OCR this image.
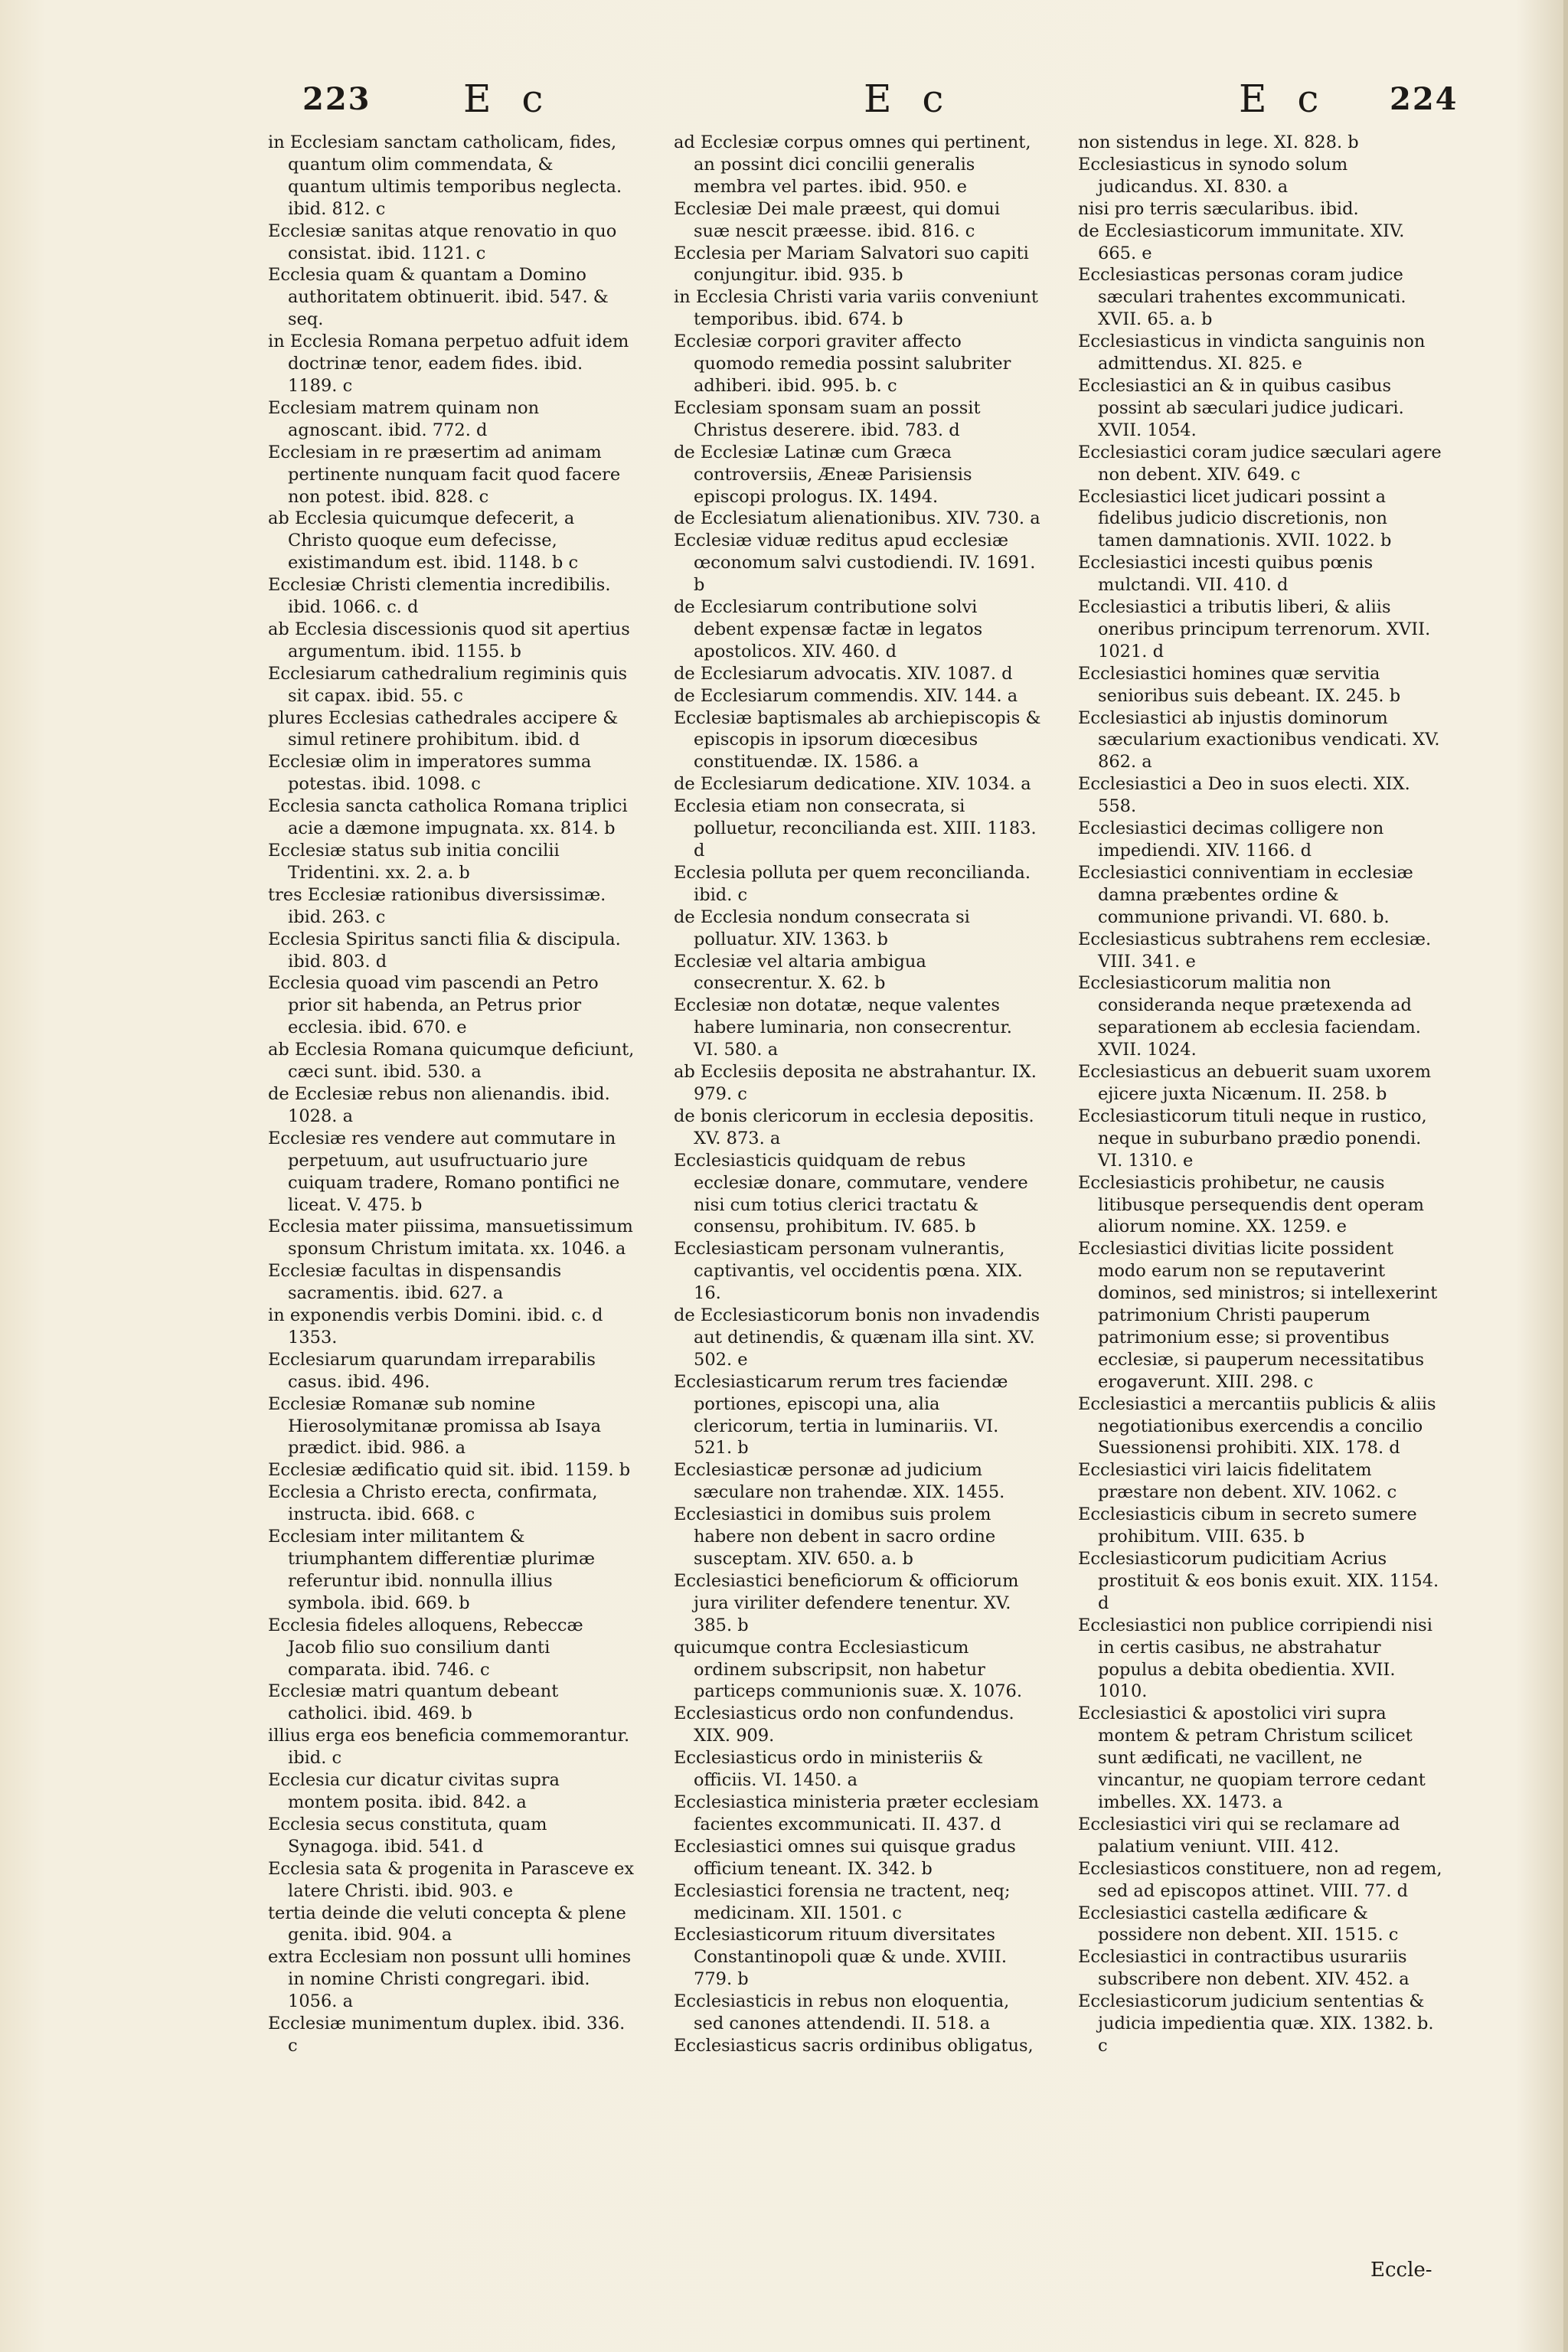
223 E c	E c	E c 224

in Ecclesiam sanctam catholicam, fides, quantum olim commendata, & quantum ultimis temporibus neglecta. ibid. 812. c

Ecclesiæ sanitas atque renovatio in quo consistat. ibid. 1121. c

Ecclesia quam & quantam a Domino authoritatem obtinuerit. ibid. 547. & seq.

in Ecclesia Romana perpetuo adfuit idem doctrinæ tenor, eadem fides. ibid. 1189. c

Ecclesiam matrem quinam non agnoscant. ibid. 772. d

Ecclesiam in re præsertim ad animam pertinente nunquam facit quod facere non potest. ibid. 828. c

ab Ecclesia quicumque defecerit, a Christo quoque eum defecisse, existimandum est. ibid. 1148. b c

Ecclesiæ Christi clementia incredibilis. ibid. 1066. c. d

ab Ecclesia discessionis quod sit apertius argumentum. ibid. 1155. b

Ecclesiarum cathedralium regiminis quis sit capax. ibid. 55. c

plures Ecclesias cathedrales accipere & simul retinere prohibitum. ibid. d

Ecclesiæ olim in imperatores summa potestas. ibid. 1098. c

Ecclesia sancta catholica Romana triplici acie a dæmone impugnata. xx. 814. b

Ecclesiæ status sub initia concilii Tridentini. xx. 2. a. b

tres Ecclesiæ rationibus diversissimæ. ibid. 263. c

Ecclesia Spiritus sancti filia & discipula. ibid. 803. d

Ecclesia quoad vim pascendi an Petro prior sit habenda, an Petrus prior ecclesia. ibid. 670. e

ab Ecclesia Romana quicumque deficiunt, cæci sunt. ibid. 530. a

de Ecclesiæ rebus non alienandis. ibid. 1028. a

Ecclesiæ res vendere aut commutare in perpetuum, aut usufructuario jure cuiquam tradere, Romano pontifici ne liceat. V. 475. b

Ecclesia mater piissima, mansuetissimum sponsum Christum imitata. xx. 1046. a

Ecclesiæ facultas in dispensandis sacramentis. ibid. 627. a

in exponendis verbis Domini. ibid. c. d 1353.

Ecclesiarum quarundam irreparabilis casus. ibid. 496.

Ecclesiæ Romanæ sub nomine Hierosolymitanæ promissa ab Isaya prædict. ibid. 986. a

Ecclesiæ ædificatio quid sit. ibid. 1159. b

Ecclesia a Christo erecta, confirmata, instructa. ibid. 668. c

Ecclesiam inter militantem & triumphantem differentiæ plurimæ referuntur ibid. nonnulla illius symbola. ibid. 669. b

Ecclesia fideles alloquens, Rebeccæ Jacob filio suo consilium danti comparata. ibid. 746. c

Ecclesiæ matri quantum debeant catholici. ibid. 469. b

illius erga eos beneficia commemorantur. ibid. c

Ecclesia cur dicatur civitas supra montem posita. ibid. 842. a

Ecclesia secus constituta, quam Synagoga. ibid. 541. d

Ecclesia sata & progenita in Parasceve ex latere Christi. ibid. 903. e

tertia deinde die veluti concepta & plene genita. ibid. 904. a

extra Ecclesiam non possunt ulli homines in nomine Christi congregari. ibid. 1056. a

Ecclesiæ munimentum duplex. ibid. 336. c

ad Ecclesiæ corpus omnes qui pertinent, an possint dici concilii generalis membra vel partes. ibid. 950. e

Ecclesiæ Dei male præest, qui domui suæ nescit præesse. ibid. 816. c

Ecclesia per Mariam Salvatori suo capiti conjungitur. ibid. 935. b

in Ecclesia Christi varia variis conveniunt temporibus. ibid. 674. b

Ecclesiæ corpori graviter affecto quomodo remedia possint salubriter adhiberi. ibid. 995. b. c

Ecclesiam sponsam suam an possit Christus deserere. ibid. 783. d

de Ecclesiæ Latinæ cum Græca controversiis, Æneæ Parisiensis episcopi prologus. IX. 1494.

de Ecclesiatum alienationibus. XIV. 730. a

Ecclesiæ viduæ reditus apud ecclesiæ œconomum salvi custodiendi. IV. 1691. b

de Ecclesiarum contributione solvi debent expensæ factæ in legatos apostolicos. XIV. 460. d

de Ecclesiarum advocatis. XIV. 1087. d

de Ecclesiarum commendis. XIV. 144. a

Ecclesiæ baptismales ab archiepiscopis & episcopis in ipsorum diœcesibus constituendæ. IX. 1586. a

de Ecclesiarum dedicatione. XIV. 1034. a

Ecclesia etiam non consecrata, si polluetur, reconcilianda est. XIII. 1183. d

Ecclesia polluta per quem reconcilianda. ibid. c

de Ecclesia nondum consecrata si polluatur. XIV. 1363. b

Ecclesiæ vel altaria ambigua consecrentur. X. 62. b

Ecclesiæ non dotatæ, neque valentes habere luminaria, non consecrentur. VI. 580. a

ab Ecclesiis deposita ne abstrahantur. IX. 979. c

de bonis clericorum in ecclesia depositis. XV. 873. a

Ecclesiasticis quidquam de rebus ecclesiæ donare, commutare, vendere nisi cum totius clerici tractatu & consensu, prohibitum. IV. 685. b

Ecclesiasticam personam vulnerantis, captivantis, vel occidentis pœna. XIX. 16.

de Ecclesiasticorum bonis non invadendis aut detinendis, & quænam illa sint. XV. 502. e

Ecclesiasticarum rerum tres faciendæ portiones, episcopi una, alia clericorum, tertia in luminariis. VI. 521. b

Ecclesiasticæ personæ ad judicium sæculare non trahendæ. XIX. 1455.

Ecclesiastici in domibus suis prolem habere non debent in sacro ordine susceptam. XIV. 650. a. b

Ecclesiastici beneficiorum & officiorum jura viriliter defendere tenentur. XV. 385. b

quicumque contra Ecclesiasticum ordinem subscripsit, non habetur particeps communionis suæ. X. 1076.

Ecclesiasticus ordo non confundendus. XIX. 909.

Ecclesiasticus ordo in ministeriis & officiis. VI. 1450. a

Ecclesiastica ministeria præter ecclesiam facientes excommunicati. II. 437. d

Ecclesiastici omnes sui quisque gradus officium teneant. IX. 342. b

Ecclesiastici forensia ne tractent, neq; medicinam. XII. 1501. c

Ecclesiasticorum rituum diversitates Constantinopoli quæ & unde. XVIII. 779. b

Ecclesiasticis in rebus non eloquentia, sed canones attendendi. II. 518. a

Ecclesiasticus sacris ordinibus obligatus,

non sistendus in lege. XI. 828. b

Ecclesiasticus in synodo solum judicandus. XI. 830. a

nisi pro terris sæcularibus. ibid.

de Ecclesiasticorum immunitate. XIV. 665. e

Ecclesiasticas personas coram judice sæculari trahentes excommunicati. XVII. 65. a. b

Ecclesiasticus in vindicta sanguinis non admittendus. XI. 825. e

Ecclesiastici an & in quibus casibus possint ab sæculari judice judicari. XVII. 1054.

Ecclesiastici coram judice sæculari agere non debent. XIV. 649. c

Ecclesiastici licet judicari possint a fidelibus judicio discretionis, non tamen damnationis. XVII. 1022. b

Ecclesiastici incesti quibus pœnis mulctandi. VII. 410. d

Ecclesiastici a tributis liberi, & aliis oneribus principum terrenorum. XVII. 1021. d

Ecclesiastici homines quæ servitia senioribus suis debeant. IX. 245. b

Ecclesiastici ab injustis dominorum sæcularium exactionibus vendicati. XV. 862. a

Ecclesiastici a Deo in suos electi. XIX. 558.

Ecclesiastici decimas colligere non impediendi. XIV. 1166. d

Ecclesiastici conniventiam in ecclesiæ damna præbentes ordine & communione privandi. VI. 680. b.

Ecclesiasticus subtrahens rem ecclesiæ. VIII. 341. e

Ecclesiasticorum malitia non consideranda neque prætexenda ad separationem ab ecclesia faciendam. XVII. 1024.

Ecclesiasticus an debuerit suam uxorem ejicere juxta Nicænum. II. 258. b

Ecclesiasticorum tituli neque in rustico, neque in suburbano prædio ponendi. VI. 1310. e

Ecclesiasticis prohibetur, ne causis litibusque persequendis dent operam aliorum nomine. XX. 1259. e

Ecclesiastici divitias licite possident modo earum non se reputaverint dominos, sed ministros; si intellexerint patrimonium Christi pauperum patrimonium esse; si proventibus ecclesiæ, si pauperum necessitatibus erogaverunt. XIII. 298. c

Ecclesiastici a mercantiis publicis & aliis negotiationibus exercendis a concilio Suessionensi prohibiti. XIX. 178. d

Ecclesiastici viri laicis fidelitatem præstare non debent. XIV. 1062. c

Ecclesiasticis cibum in secreto sumere prohibitum. VIII. 635. b

Ecclesiasticorum pudicitiam Acrius prostituit & eos bonis exuit. XIX. 1154. d

Ecclesiastici non publice corripiendi nisi in certis casibus, ne abstrahatur populus a debita obedientia. XVII. 1010.

Ecclesiastici & apostolici viri supra montem & petram Christum scilicet sunt ædificati, ne vacillent, ne vincantur, ne quopiam terrore cedant imbelles. XX. 1473. a

Ecclesiastici viri qui se reclamare ad palatium veniunt. VIII. 412.

Ecclesiasticos constituere, non ad regem, sed ad episcopos attinet. VIII. 77. d

Ecclesiastici castella ædificare & possidere non debent. XII. 1515. c

Ecclesiastici in contractibus usurariis subscribere non debent. XIV. 452. a

Ecclesiasticorum judicium sententias & judicia impedientia quæ. XIX. 1382. b. c

Eccle-
